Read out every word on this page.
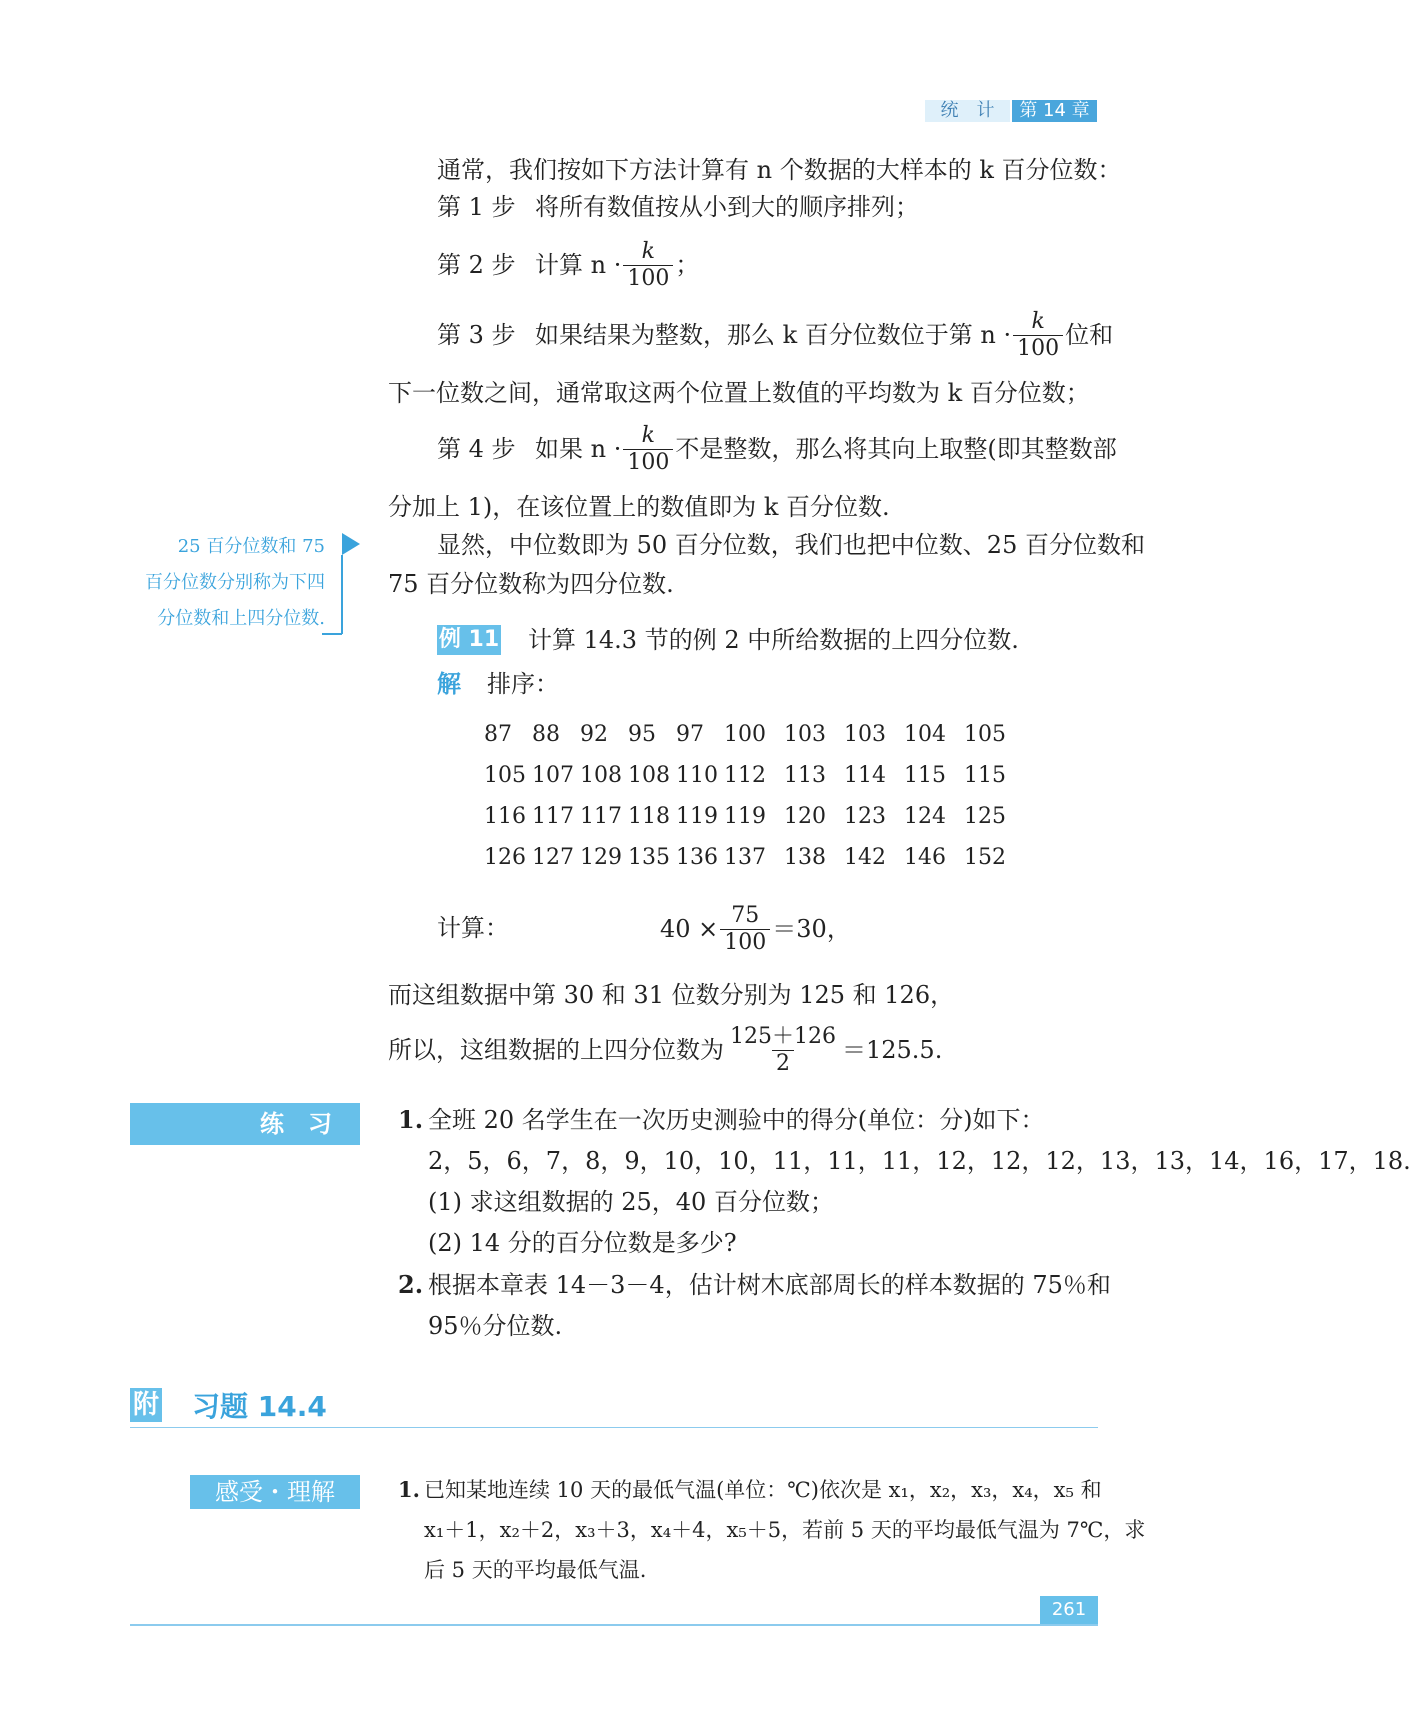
统　计	第 14 章
通常，我们按如下方法计算有 n 个数据的大样本的 k 百分位数：
第 1 步 将所有数值按从小到大的顺序排列；
第 2 步 计算 $n \cdot \frac{k}{100}$ ；
第 3 步 如果结果为整数，那么 k 百分位数位于第 $n \cdot \frac{k}{100}$ 位和
下一位数之间，通常取这两个位置上数值的平均数为 k 百分位数；
第 4 步 如果 $n \cdot \frac{k}{100}$ 不是整数，那么将其向上取整(即其整数部
分加上 1)，在该位置上的数值即为 k 百分位数.
25 百分位数和 75
百分位数分别称为下四
分位数和上四分位数.
显然，中位数即为 50 百分位数，我们也把中位数、25 百分位数和
75 百分位数称为四分位数.
例 11 计算 14.3 节的例 2 中所给数据的上四分位数.
解 排序：
87	88	92	95	97	100	103	103	104	105
105	107	108	108	110	112	113	114	115	115
116	117	117	118	119	119	120	123	124	125
126	127	129	135	136	137	138	142	146	152
计算：	$40 \times \frac{75}{100} =30$，
而这组数据中第 30 和 31 位数分别为 125 和 126，
所以，这组数据的上四分位数为 $\frac{125+126}{2} =125.5$.
练　习	1. 全班 20 名学生在一次历史测验中的得分(单位：分)如下：
2，5，6，7，8，9，10，10，11，11，11，12，12，12，13，13，14，16，17，18.
(1) 求这组数据的 25，40 百分位数；
(2) 14 分的百分位数是多少?
2. 根据本章表 14－3－4，估计树木底部周长的样本数据的 75％和
95％分位数.
附 习题 14.4
感受・理解	1. 已知某地连续 10 天的最低气温(单位：℃)依次是 x₁，x₂，x₃，x₄，x₅ 和
x₁＋1，x₂＋2，x₃＋3，x₄＋4，x₅＋5，若前 5 天的平均最低气温为 7℃，求
后 5 天的平均最低气温.
261
